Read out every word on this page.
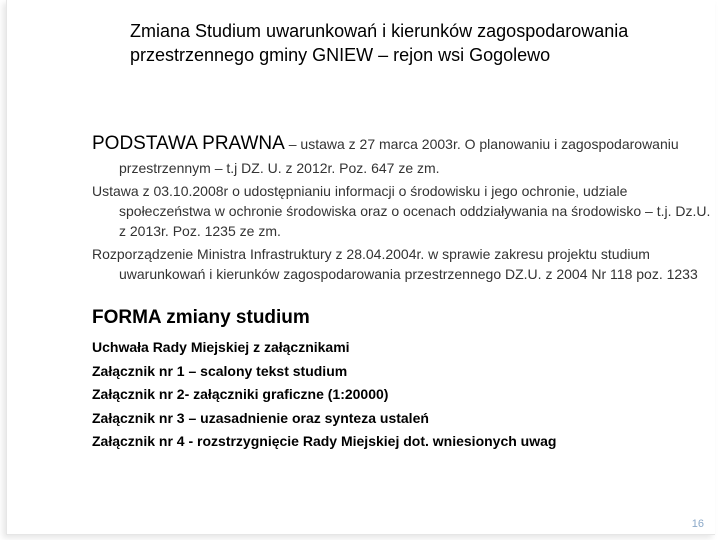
Zmiana Studium uwarunkowań i kierunków zagospodarowania przestrzennego gminy GNIEW – rejon wsi Gogolewo

PODSTAWA PRAWNA – ustawa z 27 marca 2003r. O planowaniu i zagospodarowaniu przestrzennym – t.j DZ. U. z 2012r. Poz. 647 ze zm.

Ustawa z 03.10.2008r o udostępnianiu informacji o środowisku i jego ochronie, udziale społeczeństwa w ochronie środowiska oraz o ocenach oddziaływania na środowisko – t.j. Dz.U. z 2013r. Poz. 1235 ze zm.

Rozporządzenie Ministra Infrastruktury z 28.04.2004r. w sprawie zakresu projektu studium uwarunkowań i kierunków zagospodarowania przestrzennego DZ.U. z 2004 Nr 118 poz. 1233

FORMA zmiany studium
Uchwała Rady Miejskiej z załącznikami
Załącznik nr 1 – scalony tekst studium
Załącznik nr 2- załączniki graficzne (1:20000)
Załącznik nr 3 – uzasadnienie oraz synteza ustaleń
Załącznik nr 4 - rozstrzygnięcie Rady Miejskiej dot. wniesionych uwag
16
